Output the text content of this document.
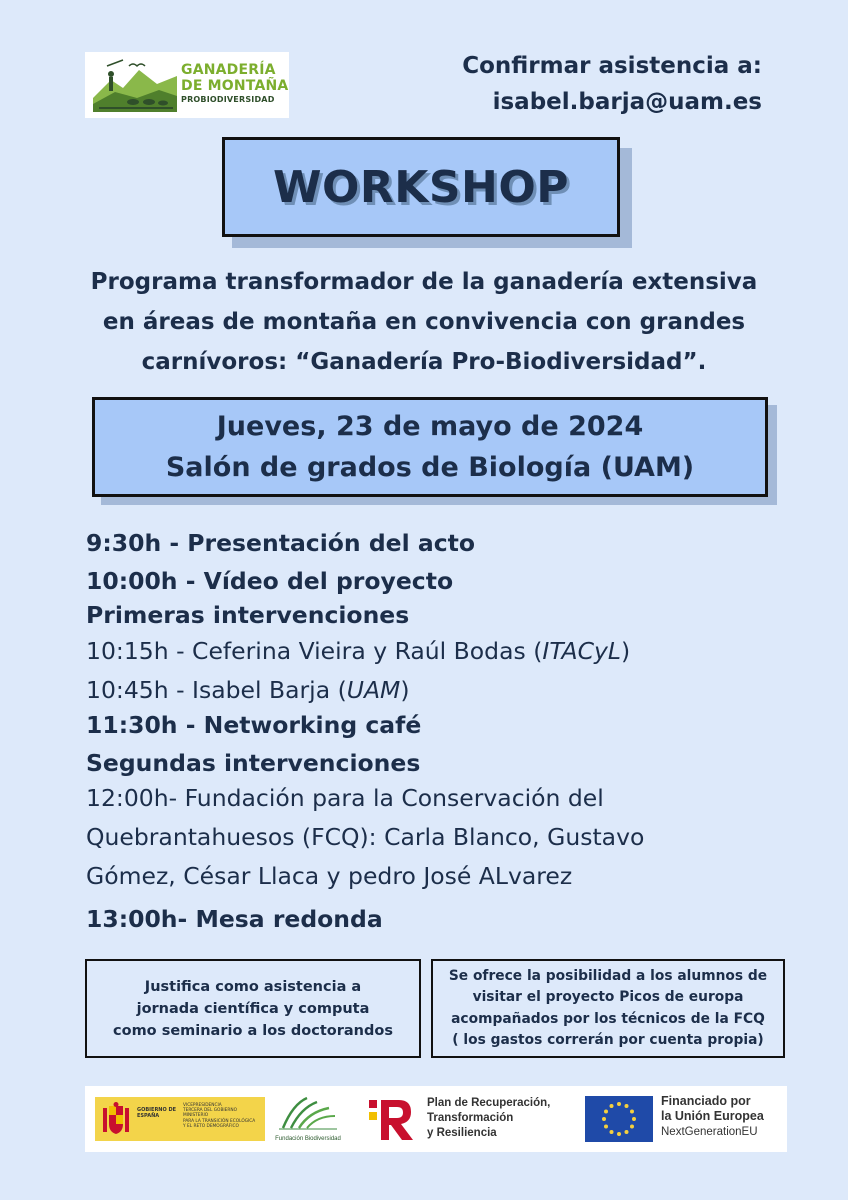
GANADERÍA
DE MONTAÑA
PROBIODIVERSIDAD
Confirmar asistencia a:
isabel.barja@uam.es
WORKSHOP
Programa transformador de la ganadería extensiva
en áreas de montaña en convivencia con grandes
carnívoros: “Ganadería Pro-Biodiversidad”.
Jueves, 23 de mayo de 2024
Salón de grados de Biología (UAM)
9:30h - Presentación del acto
10:00h - Vídeo del proyecto
Primeras intervenciones
10:15h - Ceferina Vieira y Raúl Bodas (ITACyL)
10:45h - Isabel Barja (UAM)
11:30h - Networking café
Segundas intervenciones
12:00h- Fundación para la Conservación del
Quebrantahuesos (FCQ): Carla Blanco, Gustavo
Gómez, César Llaca y pedro José ALvarez
13:00h- Mesa redonda
Justifica como asistencia a
jornada científica y computa
como seminario a los doctorandos
Se ofrece la posibilidad a los alumnos de
visitar el proyecto Picos de europa
acompañados por los técnicos de la FCQ
( los gastos correrán por cuenta propia)
GOBIERNO DE ESPAÑA
VICEPRESIDENCIA
TERCERA DEL GOBIERNO
MINISTERIO
PARA LA TRANSICIÓN ECOLÓGICA
Y EL RETO DEMOGRÁFICO
Fundación Biodiversidad
Plan de Recuperación,
Transformación
y Resiliencia
Financiado por
la Unión Europea
NextGenerationEU
